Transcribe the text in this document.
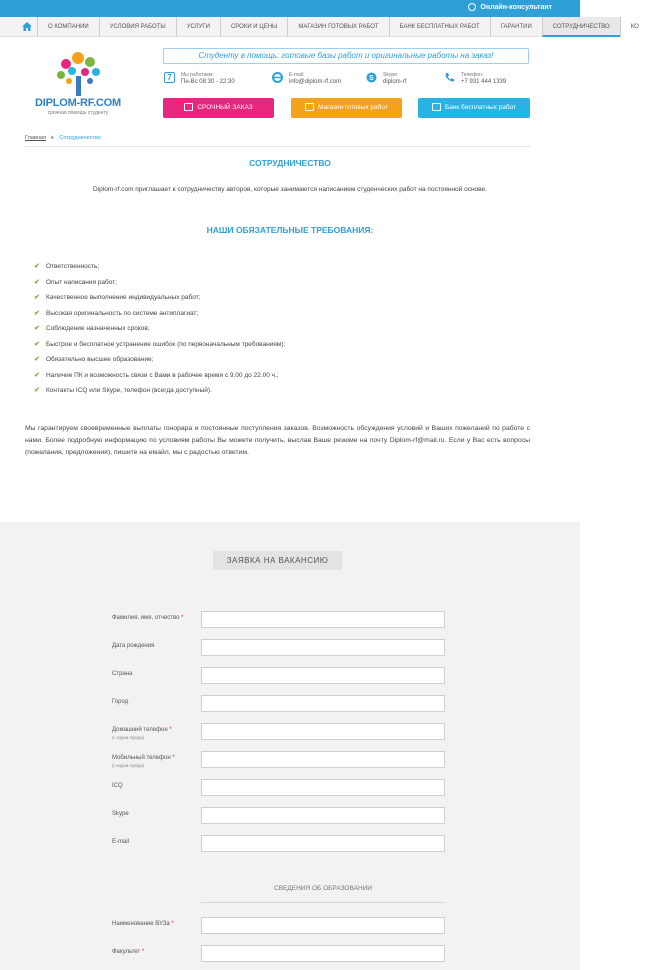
Онлайн-консультант
О КОМПАНИИ	УСЛОВИЯ РАБОТЫ	УСЛУГИ	СРОКИ И ЦЕНЫ	МАГАЗИН ГОТОВЫХ РАБОТ	БАНК БЕСПЛАТНЫХ РАБОТ	ГАРАНТИИ	СОТРУДНИЧЕСТВО	КО
DIPLOM-RF.COM
срочная помощь студенту
Студенту в помощь: готовые базы работ и оригинальные работы на заказ!
7	Мы работаем:
Пн-Вс 08:30 - 22:30
E-mail:
info@diplom-rf.com	S Skype:
diplom-rf
Телефон:
+7 931 444 1339
СРОЧНЫЙ ЗАКАЗ	Магазин готовых работ	Банк бесплатных работ
Главная ► Сотрудничество
СОТРУДНИЧЕСТВО
Diplom-rf.com приглашает к сотрудничеству авторов, которые занимаются написанием студенческих работ на постоянной основе.
НАШИ ОБЯЗАТЕЛЬНЫЕ ТРЕБОВАНИЯ:
✔ Ответственность;
✔ Опыт написания работ;
✔ Качественное выполнение индивидуальных работ;
✔ Высокая оригинальность по системе антиплагиат;
✔ Соблюдение назначенных сроков;
✔ Быстрое и бесплатное устранение ошибок (по первоначальным требованиям);
✔ Обязательно высшее образование;
✔ Наличие ПК и возможность связи с Вами в рабочее время с 9.00 до 22.00 ч.;
✔ Контакты ICQ или Skype, телефон (всегда доступный).
Мы гарантируем своевременные выплаты гонорара и постоянные поступления заказов. Возможность обсуждения условий и Ваших пожеланий по работе с нами. Более подробную информацию по условиям работы Вы можете получить, выслав Ваше резюме на почту Diplom-rf@mail.ru. Если у Вас есть вопросы (пожелания, предложения), пишите на емайл, мы с радостью ответим.
ЗАЯВКА НА ВАКАНСИЮ
Фамилия, имя, отчество *
Дата рождения
Страна
Город
Домашний телефон *
(с кодом города)
Мобильный телефон *
(с кодом города)
ICQ
Skype
E-mail
СВЕДЕНИЯ ОБ ОБРАЗОВАНИИ
Наименование ВУЗа *
Факультет *
